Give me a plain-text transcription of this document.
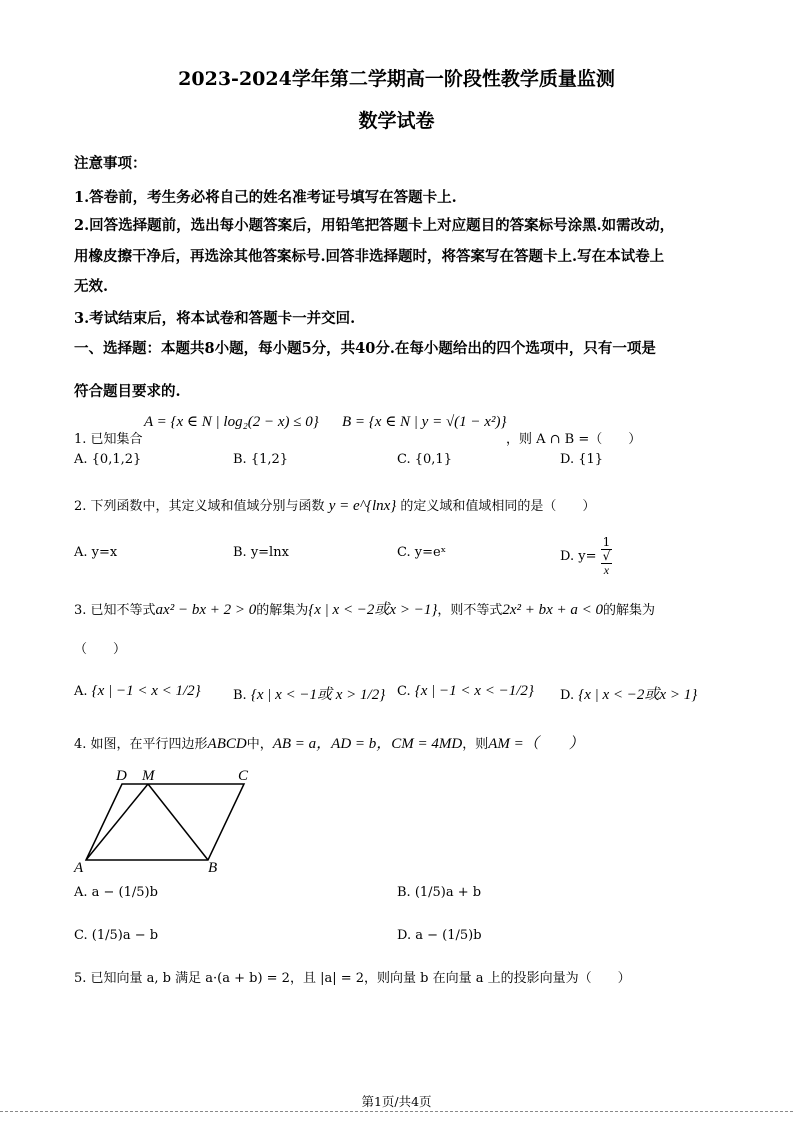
2023-2024学年第二学期高一阶段性教学质量监测
数学试卷
注意事项：
1.答卷前，考生务必将自己的姓名准考证号填写在答题卡上.
2.回答选择题前，选出每小题答案后，用铅笔把答题卡上对应题目的答案标号涂黑.如需改动，
用橡皮擦干净后，再选涂其他答案标号.回答非选择题时，将答案写在答题卡上.写在本试卷上
无效.
3.考试结束后，将本试卷和答题卡一并交回.
一、选择题：本题共8小题，每小题5分，共40分.在每小题给出的四个选项中，只有一项是
符合题目要求的.
1. 已知集合
A = {x ∈ N | log₂(2 − x) ≤ 0} B = {x ∈ N | y = √(1 − x²)}
，则 A ∩ B =（　　）
A. {0,1,2}	B. {1,2}	C. {0,1}	D. {1}
2. 下列函数中，其定义域和值域分别与函数 y = e^{lnx} 的定义域和值域相同的是（　　）
A. y=x	B. y=lnx	C. y=eˣ	D. y= 1
√
x
3. 已知不等式ax² − bx + 2 > 0的解集为{x | x < −2或x > −1}，则不等式2x² + bx + a < 0的解集为
（　　）
A. {x | −1 < x < 1/2} B. {x | x < −1或 x > 1/2} C. {x | −1 < x < −1/2} D. {x | x < −2或x > 1}
4. 如图，在平行四边形ABCD中，AB = a，AD = b，CM = 4MD，则AM =（　　）
D M	C
A	B
A. a − (1/5)b	B. (1/5)a + b
C. (1/5)a − b	D. a − (1/5)b
5. 已知向量 a, b 满足 a·(a + b) = 2，且 |a| = 2，则向量 b 在向量 a 上的投影向量为（　　）
第1页/共4页
